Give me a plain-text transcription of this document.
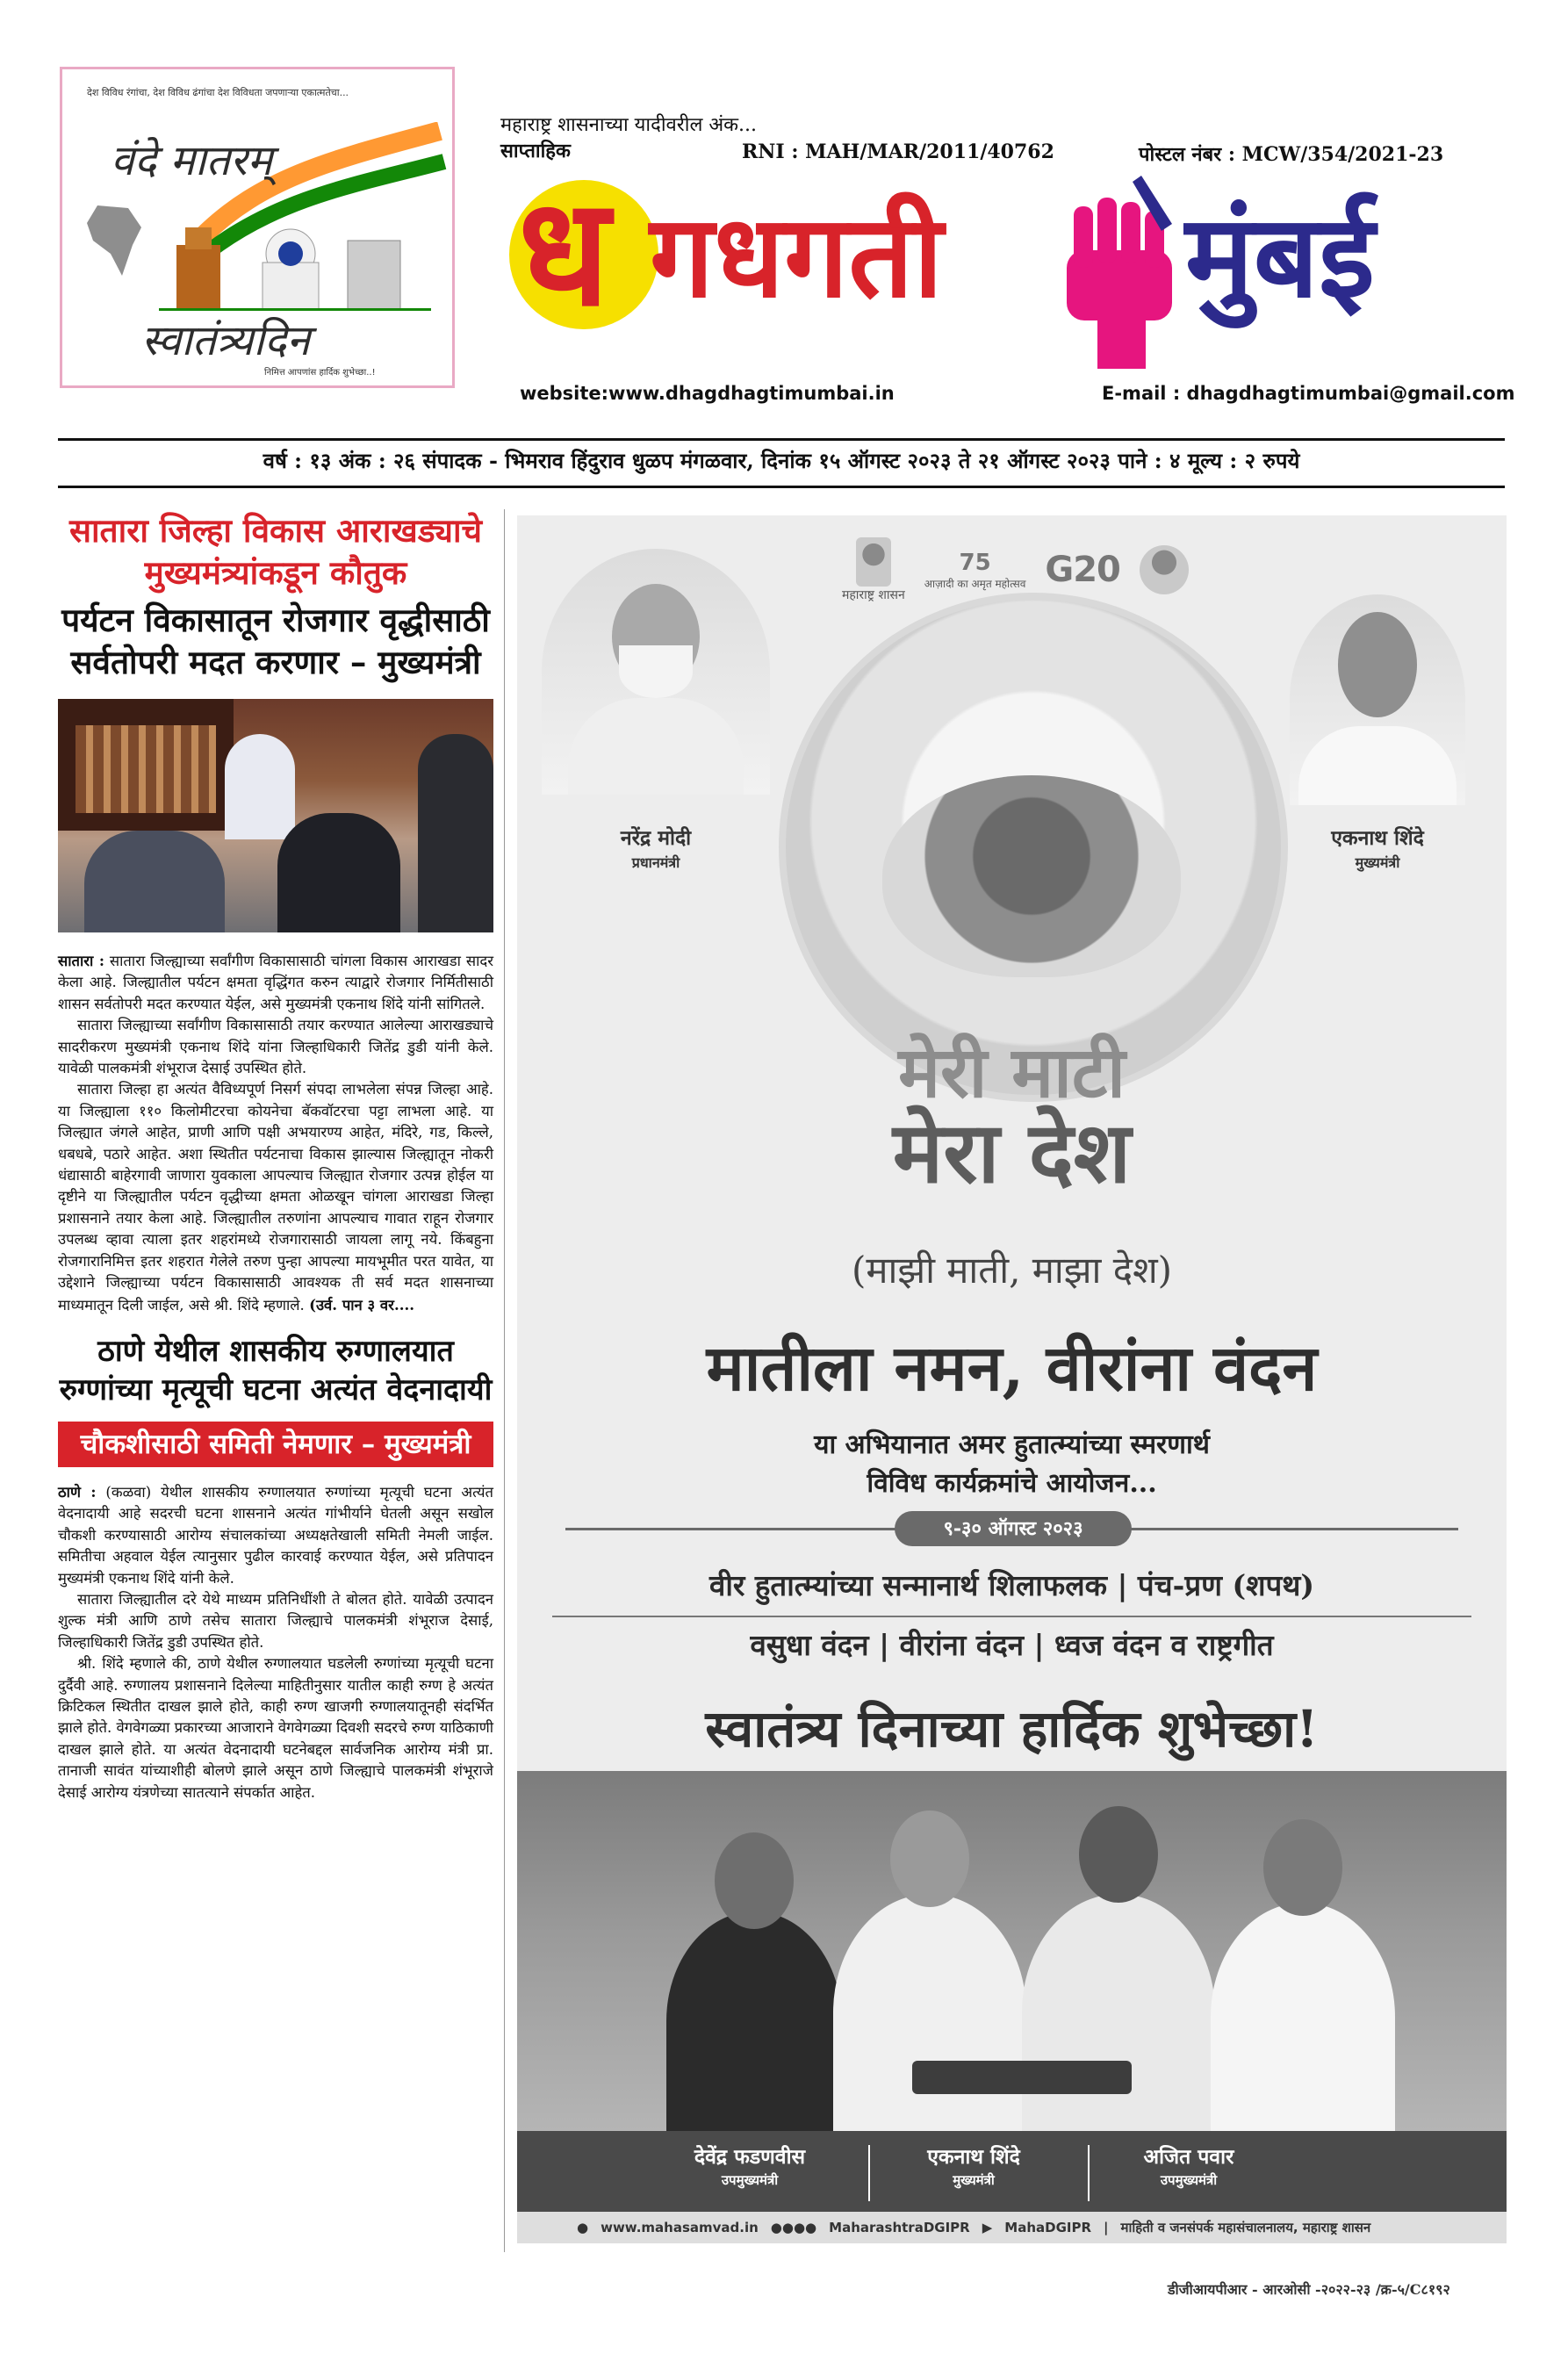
देश विविध रंगांचा, देश विविध ढंगांचा देश विविधता जपणाऱ्या एकात्मतेचा...
वंदे मातरम्
स्वातंत्र्यदिन
निमित्त आपणांस हार्दिक शुभेच्छा..!
महाराष्ट्र शासनाच्या यादीवरील अंक...
साप्ताहिक	RNI : MAH/MAR/2011/40762	पोस्टल नंबर : MCW/354/2021-23
ध गधगती मुंबई
website:www.dhagdhagtimumbai.in	E-mail : dhagdhagtimumbai@gmail.com
वर्ष : १३ अंक : २६ संपादक - भिमराव हिंदुराव धुळप मंगळवार, दिनांक १५ ऑगस्ट २०२३ ते २१ ऑगस्ट २०२३ पाने : ४ मूल्य : २ रुपये
सातारा जिल्हा विकास आराखड्याचे मुख्यमंत्र्यांकडून कौतुक
पर्यटन विकासातून रोजगार वृद्धीसाठी सर्वतोपरी मदत करणार – मुख्यमंत्री

सातारा : सातारा जिल्ह्याच्या सर्वांगीण विकासासाठी चांगला विकास आराखडा सादर केला आहे. जिल्ह्यातील पर्यटन क्षमता वृद्धिंगत करुन त्याद्वारे रोजगार निर्मितीसाठी शासन सर्वतोपरी मदत करण्यात येईल, असे मुख्यमंत्री एकनाथ शिंदे यांनी सांगितले.

सातारा जिल्ह्याच्या सर्वांगीण विकासासाठी तयार करण्यात आलेल्या आराखड्याचे सादरीकरण मुख्यमंत्री एकनाथ शिंदे यांना जिल्हाधिकारी जितेंद्र डुडी यांनी केले. यावेळी पालकमंत्री शंभूराज देसाई उपस्थित होते.

सातारा जिल्हा हा अत्यंत वैविध्यपूर्ण निसर्ग संपदा लाभलेला संपन्न जिल्हा आहे. या जिल्ह्याला ११० किलोमीटरचा कोयनेचा बॅकवॉटरचा पट्टा लाभला आहे. या जिल्ह्यात जंगले आहेत, प्राणी आणि पक्षी अभयारण्य आहेत, मंदिरे, गड, किल्ले, धबधबे, पठारे आहेत. अशा स्थितीत पर्यटनाचा विकास झाल्यास जिल्ह्यातून नोकरी धंद्यासाठी बाहेरगावी जाणारा युवकाला आपल्याच जिल्ह्यात रोजगार उत्पन्न होईल या दृष्टीने या जिल्ह्यातील पर्यटन वृद्धीच्या क्षमता ओळखून चांगला आराखडा जिल्हा प्रशासनाने तयार केला आहे. जिल्ह्यातील तरुणांना आपल्याच गावात राहून रोजगार उपलब्ध व्हावा त्याला इतर शहरांमध्ये रोजगारासाठी जायला लागू नये. किंबहुना रोजगारानिमित्त इतर शहरात गेलेले तरुण पुन्हा आपल्या मायभूमीत परत यावेत, या उद्देशाने जिल्ह्याच्या पर्यटन विकासासाठी आवश्यक ती सर्व मदत शासनाच्या माध्यमातून दिली जाईल, असे श्री. शिंदे म्हणाले. (उर्व. पान ३ वर....

ठाणे येथील शासकीय रुग्णालयात रुग्णांच्या मृत्यूची घटना अत्यंत वेदनादायी
चौकशीसाठी समिती नेमणार – मुख्यमंत्री

ठाणे : (कळवा) येथील शासकीय रुग्णालयात रुग्णांच्या मृत्यूची घटना अत्यंत वेदनादायी आहे सदरची घटना शासनाने अत्यंत गांभीर्याने घेतली असून सखोल चौकशी करण्यासाठी आरोग्य संचालकांच्या अध्यक्षतेखाली समिती नेमली जाईल. समितीचा अहवाल येईल त्यानुसार पुढील कारवाई करण्यात येईल, असे प्रतिपादन मुख्यमंत्री एकनाथ शिंदे यांनी केले.

सातारा जिल्ह्यातील दरे येथे माध्यम प्रतिनिधींशी ते बोलत होते. यावेळी उत्पादन शुल्क मंत्री आणि ठाणे तसेच सातारा जिल्ह्याचे पालकमंत्री शंभूराज देसाई, जिल्हाधिकारी जितेंद्र डुडी उपस्थित होते.

श्री. शिंदे म्हणाले की, ठाणे येथील रुग्णालयात घडलेली रुग्णांच्या मृत्यूची घटना दुर्दैवी आहे. रुग्णालय प्रशासनाने दिलेल्या माहितीनुसार यातील काही रुग्ण हे अत्यंत क्रिटिकल स्थितीत दाखल झाले होते, काही रुग्ण खाजगी रुग्णालयातूनही संदर्भित झाले होते. वेगवेगळ्या प्रकारच्या आजाराने वेगवेगळ्या दिवशी सदरचे रुग्ण याठिकाणी दाखल झाले होते. या अत्यंत वेदनादायी घटनेबद्दल सार्वजनिक आरोग्य मंत्री प्रा. तानाजी सावंत यांच्याशीही बोलणे झाले असून ठाणे जिल्ह्याचे पालकमंत्री शंभूराजे देसाई आरोग्य यंत्रणेच्या सातत्याने संपर्कात आहेत.

महाराष्ट्र शासन
75
आज़ादी का अमृत महोत्सव G20
नरेंद्र मोदी
प्रधानमंत्री
एकनाथ शिंदे
मुख्यमंत्री
मेरी माटी
मेरा देश
(माझी माती, माझा देश)
मातीला नमन, वीरांना वंदन
या अभियानात अमर हुतात्म्यांच्या स्मरणार्थ
विविध कार्यक्रमांचे आयोजन...
९-३० ऑगस्ट २०२३
वीर हुतात्म्यांच्या सन्मानार्थ शिलाफलक | पंच-प्रण (शपथ)
वसुधा वंदन | वीरांना वंदन | ध्वज वंदन व राष्ट्रगीत
स्वातंत्र्य दिनाच्या हार्दिक शुभेच्छा!
देवेंद्र फडणवीस
उपमुख्यमंत्री
एकनाथ शिंदे
मुख्यमंत्री
अजित पवार
उपमुख्यमंत्री
● www.mahasamvad.in ●●●● MaharashtraDGIPR ▶ MahaDGIPR | माहिती व जनसंपर्क महासंचालनालय, महाराष्ट्र शासन
डीजीआयपीआर - आरओसी -२०२२-२३ /क्र-५/C८१९२
